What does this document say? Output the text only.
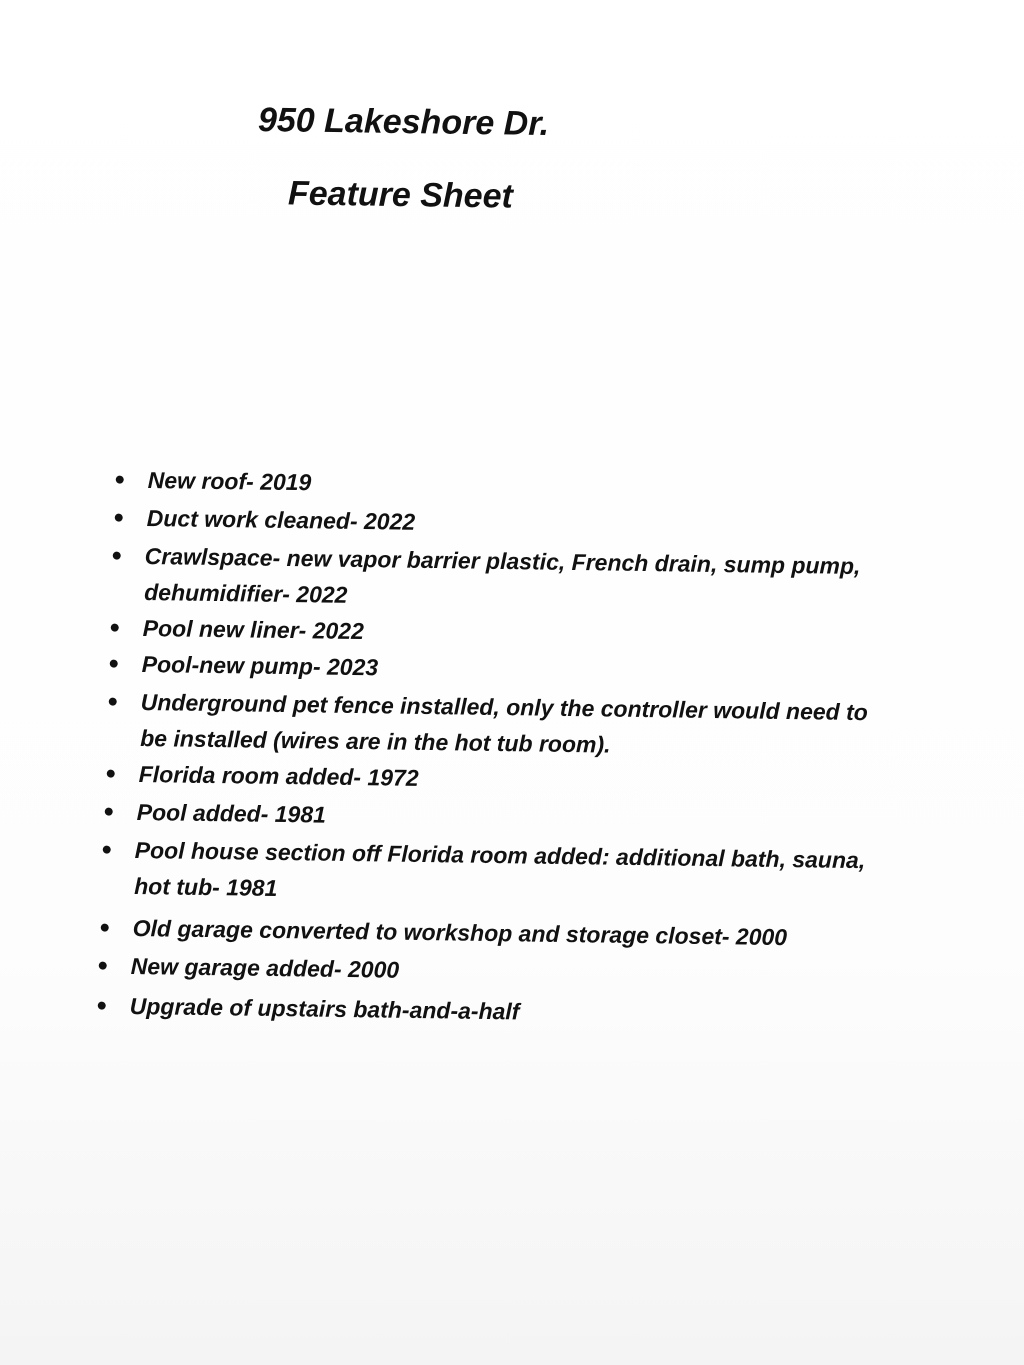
950 Lakeshore Dr.
Feature Sheet
New roof- 2019
Duct work cleaned- 2022
Crawlspace- new vapor barrier plastic, French drain, sump pump,
dehumidifier- 2022
Pool new liner- 2022
Pool-new pump- 2023
Underground pet fence installed, only the controller would need to
be installed (wires are in the hot tub room).
Florida room added- 1972
Pool added- 1981
Pool house section off Florida room added: additional bath, sauna,
hot tub- 1981
Old garage converted to workshop and storage closet- 2000
New garage added- 2000
Upgrade of upstairs bath-and-a-half
